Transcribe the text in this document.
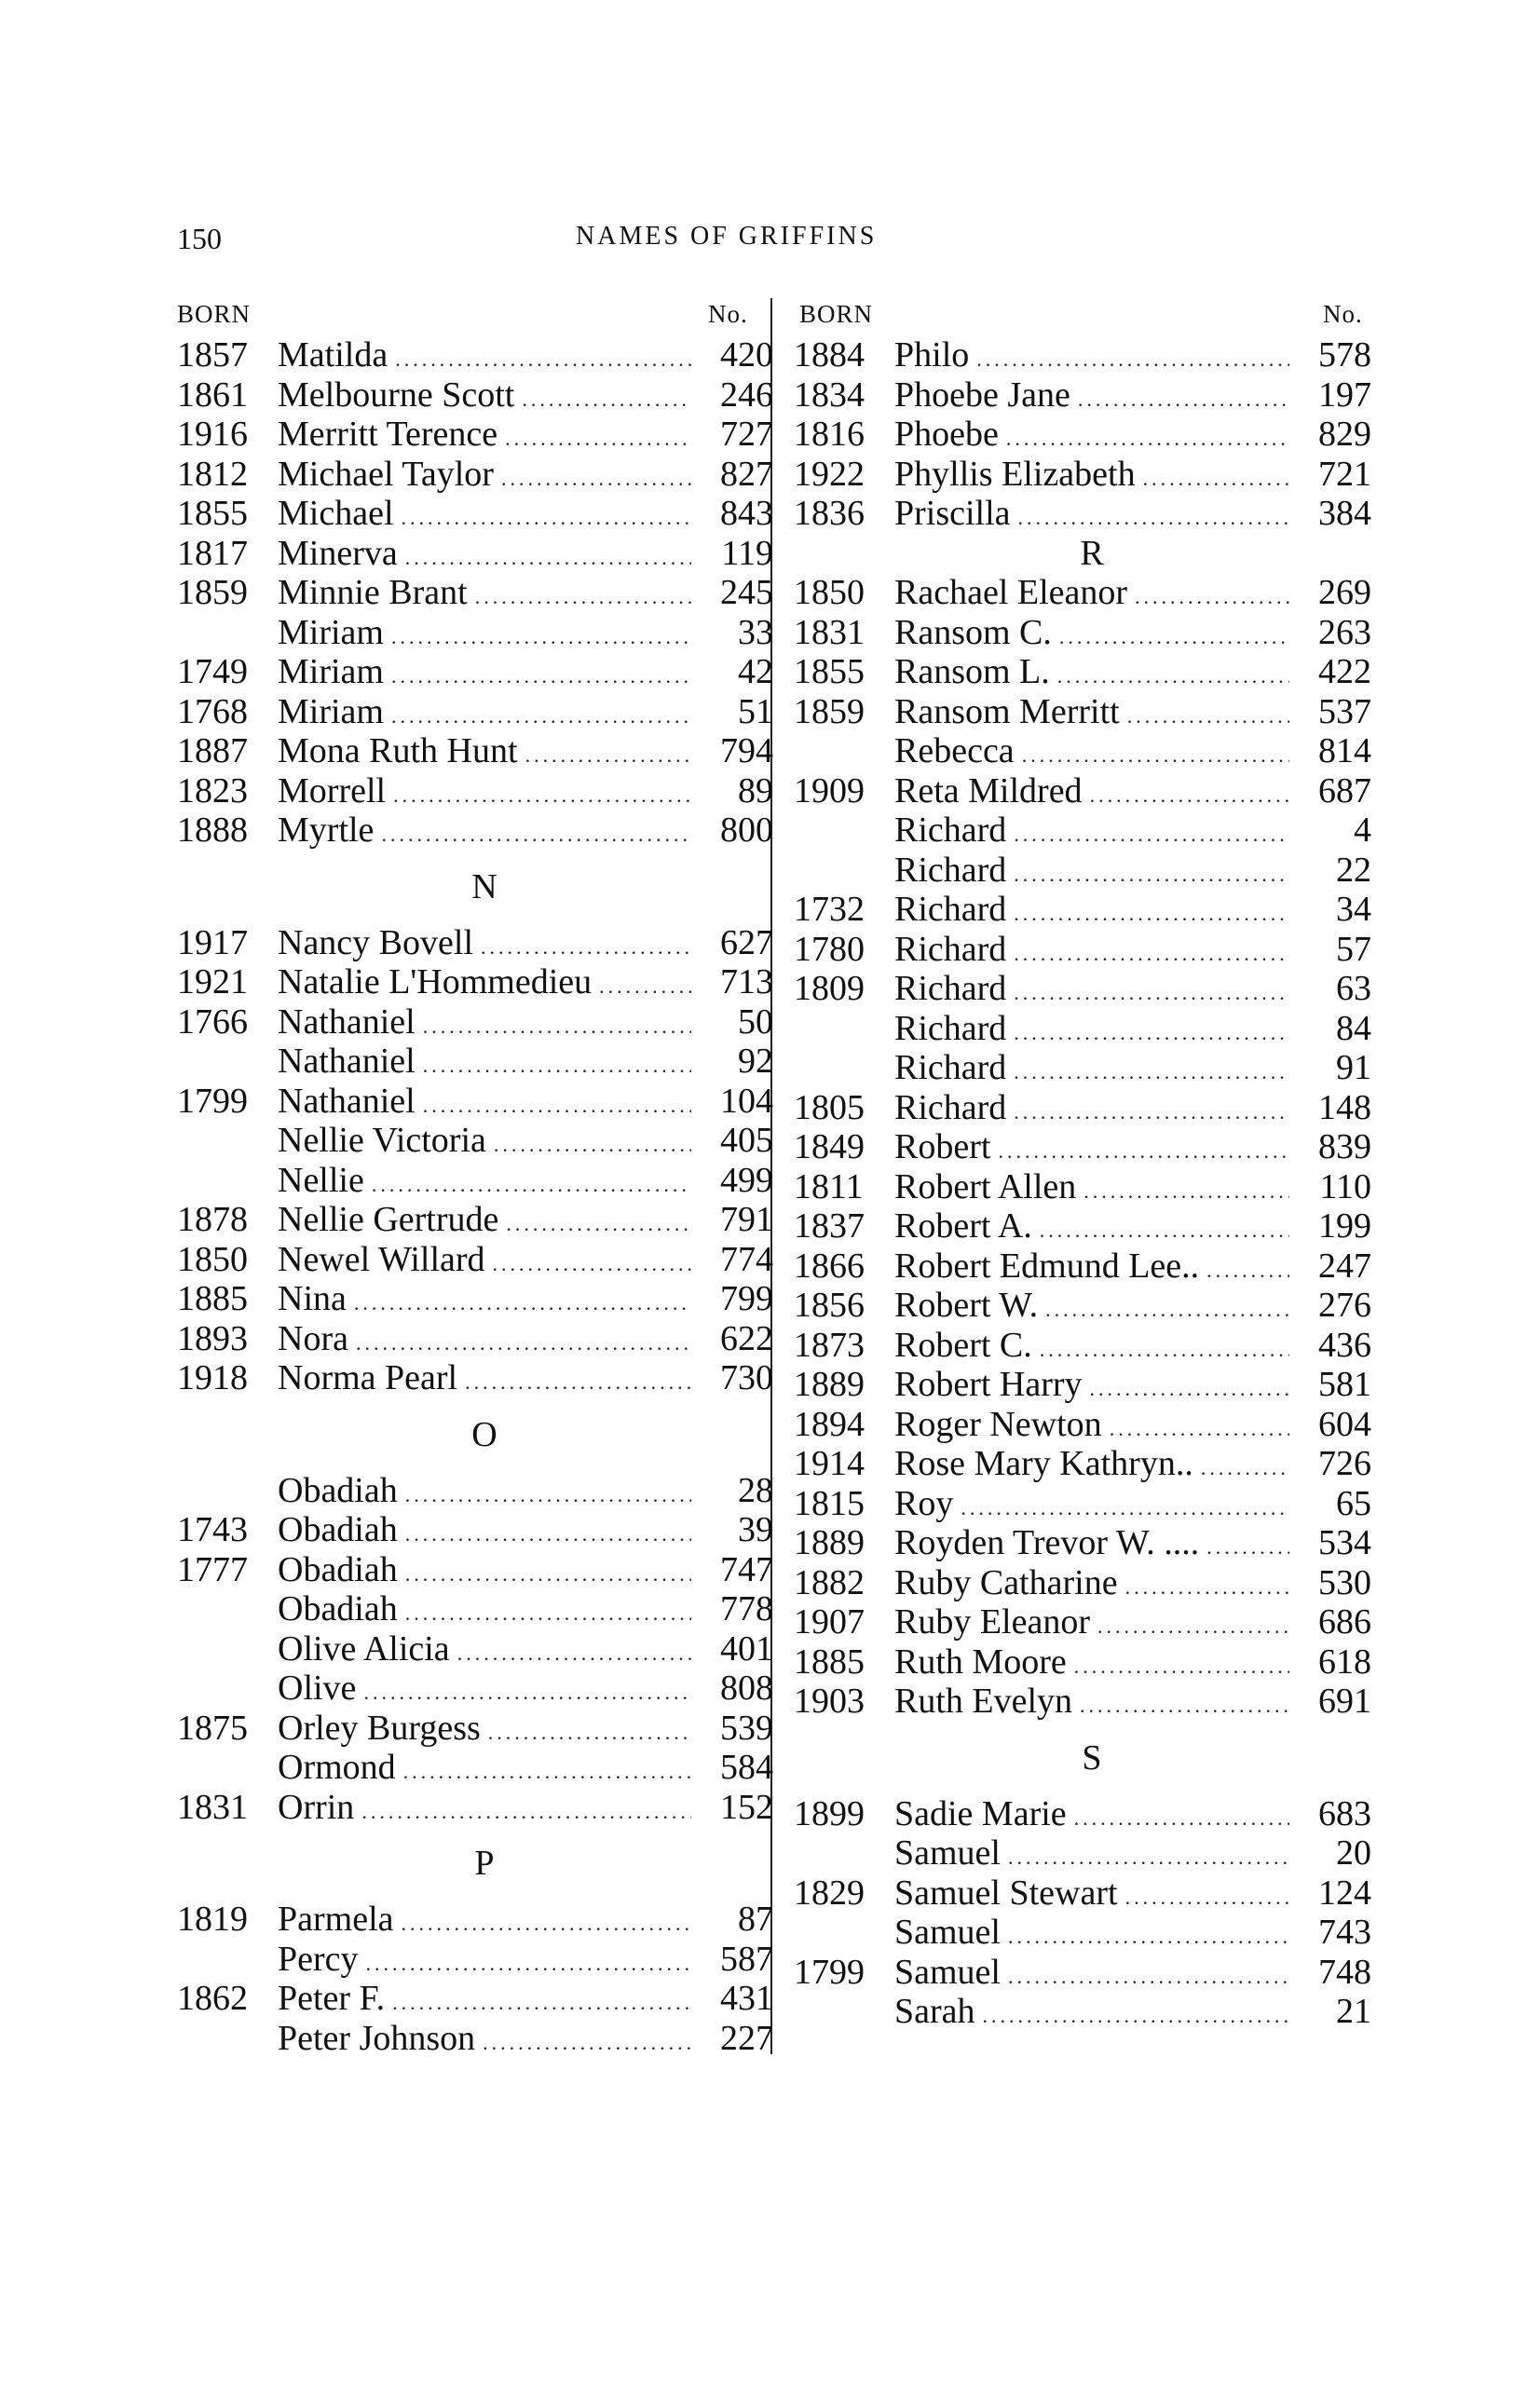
150	NAMES OF GRIFFINS
BORN	No. BORN	No.
1857 Matilda .....	420
1861 Melbourne Scott .....	246
1916 Merritt Terence .....	727
1812 Michael Taylor .....	827
1855 Michael .....	843
1817 Minerva .....	119
1859 Minnie Brant .....	245
Miriam .....	33
1749 Miriam .....	42
1768 Miriam .....	51
1887 Mona Ruth Hunt .....	794
1823 Morrell .....	89
1888 Myrtle .....	800
N
1917 Nancy Bovell .....	627
1921 Natalie L'Hommedieu .....	713
1766 Nathaniel .....	50
Nathaniel .....	92
1799 Nathaniel .....	104
Nellie Victoria .....	405
Nellie .....	499
1878 Nellie Gertrude .....	791
1850 Newel Willard .....	774
1885 Nina .....	799
1893 Nora .....	622
1918 Norma Pearl .....	730
O
Obadiah .....	28
1743 Obadiah .....	39
1777 Obadiah .....	747
Obadiah .....	778
Olive Alicia .....	401
Olive .....	808
1875 Orley Burgess .....	539
Ormond .....	584
1831 Orrin .....	152
P
1819 Parmela .....	87
Percy .....	587
1862 Peter F. .....	431
Peter Johnson .....	227
1884 Philo .....	578
1834 Phoebe Jane .....	197
1816 Phoebe .....	829
1922 Phyllis Elizabeth .....	721
1836 Priscilla .....	384
R
1850 Rachael Eleanor .....	269
1831 Ransom C. .....	263
1855 Ransom L. .....	422
1859 Ransom Merritt .....	537
Rebecca .....	814
1909 Reta Mildred .....	687
Richard .....	4
Richard .....	22
1732 Richard .....	34
1780 Richard .....	57
1809 Richard .....	63
Richard .....	84
Richard .....	91
1805 Richard .....	148
1849 Robert .....	839
1811 Robert Allen .....	110
1837 Robert A. .....	199
1866 Robert Edmund Lee.. .....	247
1856 Robert W. .....	276
1873 Robert C. .....	436
1889 Robert Harry .....	581
1894 Roger Newton .....	604
1914 Rose Mary Kathryn.. .....	726
1815 Roy .....	65
1889 Royden Trevor W. .... .....	534
1882 Ruby Catharine .....	530
1907 Ruby Eleanor .....	686
1885 Ruth Moore .....	618
1903 Ruth Evelyn .....	691
S
1899 Sadie Marie .....	683
Samuel .....	20
1829 Samuel Stewart .....	124
Samuel .....	743
1799 Samuel .....	748
Sarah .....	21
